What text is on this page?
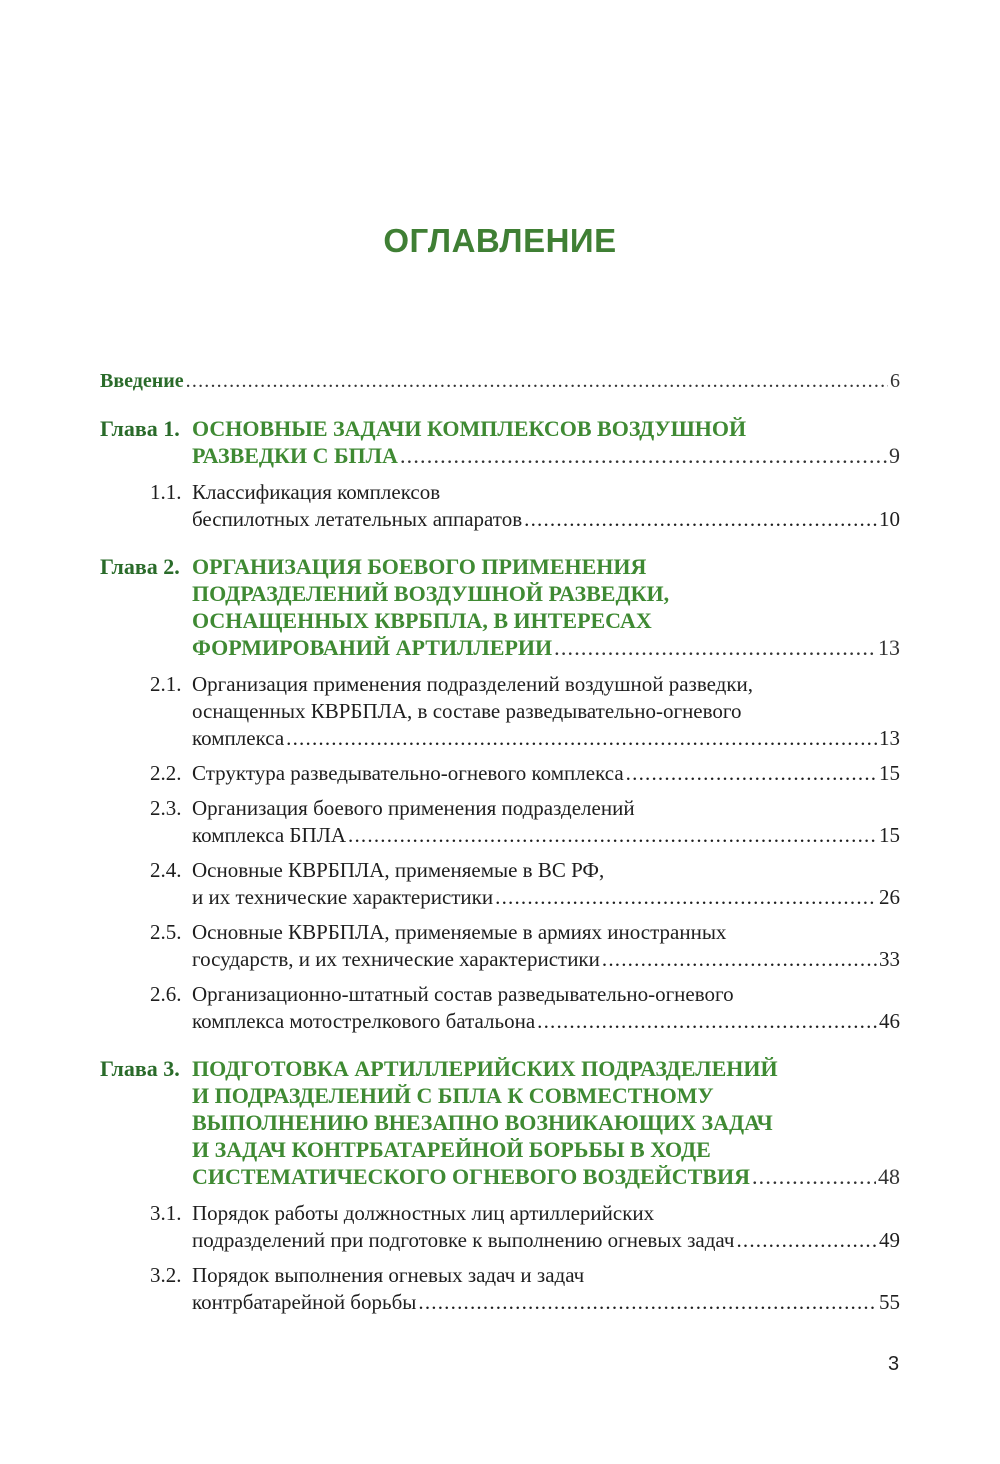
ОГЛАВЛЕНИЕ
Введение .....	6
Глава 1. ОСНОВНЫЕ ЗАДАЧИ КОМПЛЕКСОВ ВОЗДУШНОЙ
РАЗВЕДКИ С БПЛА .....	9
1.1. Классификация комплексов
беспилотных летательных аппаратов .....	10
Глава 2. ОРГАНИЗАЦИЯ БОЕВОГО ПРИМЕНЕНИЯ
ПОДРАЗДЕЛЕНИЙ ВОЗДУШНОЙ РАЗВЕДКИ,
ОСНАЩЕННЫХ КВРБПЛА, В ИНТЕРЕСАХ
ФОРМИРОВАНИЙ АРТИЛЛЕРИИ .....	13
2.1. Организация применения подразделений воздушной разведки,
оснащенных КВРБПЛА, в составе разведывательно-огневого
комплекса .....	13
2.2. Структура разведывательно-огневого комплекса .....	15
2.3. Организация боевого применения подразделений
комплекса БПЛА .....	15
2.4. Основные КВРБПЛА, применяемые в ВС РФ,
и их технические характеристики .....	26
2.5. Основные КВРБПЛА, применяемые в армиях иностранных
государств, и их технические характеристики .....	33
2.6. Организационно-штатный состав разведывательно-огневого
комплекса мотострелкового батальона .....	46
Глава 3. ПОДГОТОВКА АРТИЛЛЕРИЙСКИХ ПОДРАЗДЕЛЕНИЙ
И ПОДРАЗДЕЛЕНИЙ С БПЛА К СОВМЕСТНОМУ
ВЫПОЛНЕНИЮ ВНЕЗАПНО ВОЗНИКАЮЩИХ ЗАДАЧ
И ЗАДАЧ КОНТРБАТАРЕЙНОЙ БОРЬБЫ В ХОДЕ
СИСТЕМАТИЧЕСКОГО ОГНЕВОГО ВОЗДЕЙСТВИЯ .....	48
3.1. Порядок работы должностных лиц артиллерийских
подразделений при подготовке к выполнению огневых задач .....	49
3.2. Порядок выполнения огневых задач и задач
контрбатарейной борьбы .....	55
3
